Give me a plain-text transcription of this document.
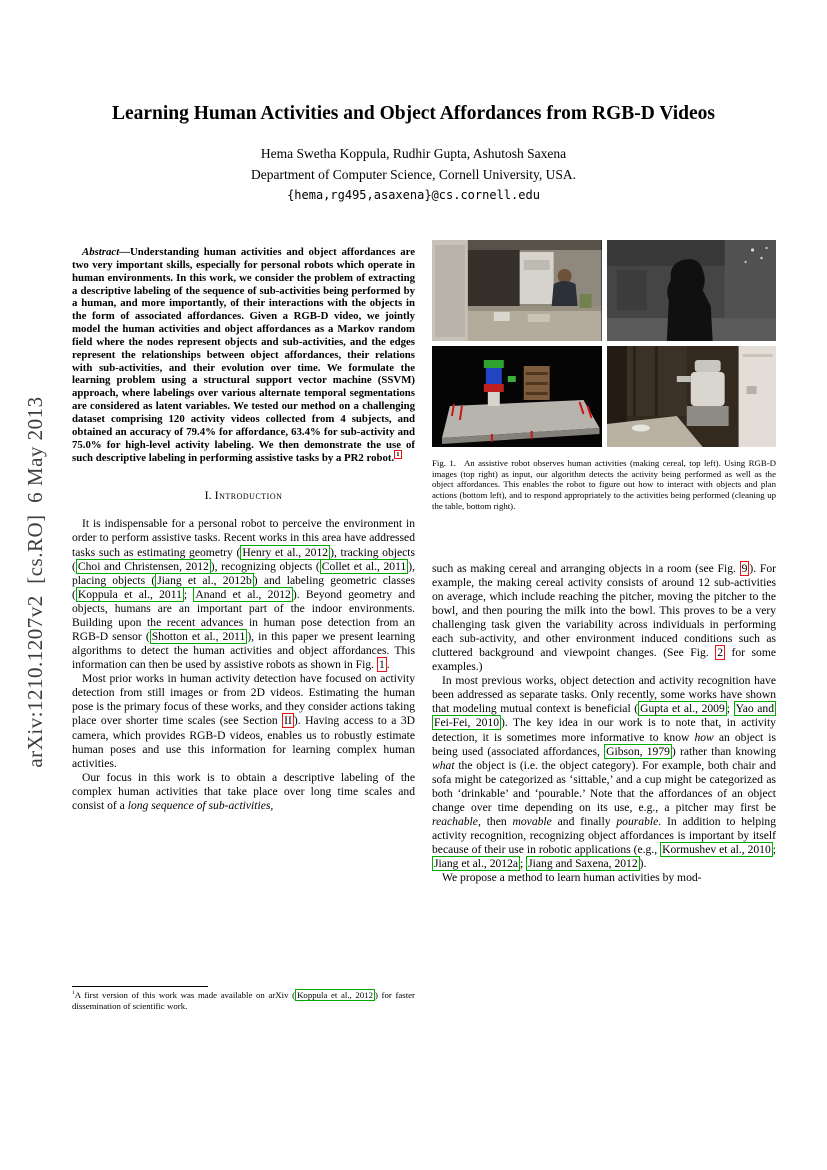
arXiv:1210.1207v2  [cs.RO]  6 May 2013
Learning Human Activities and Object Affordances from RGB-D Videos
Hema Swetha Koppula, Rudhir Gupta, Ashutosh Saxena
Department of Computer Science, Cornell University, USA.
{hema,rg495,asaxena}@cs.cornell.edu

Abstract—Understanding human activities and object affordances are two very important skills, especially for personal robots which operate in human environments. In this work, we consider the problem of extracting a descriptive labeling of the sequence of sub-activities being performed by a human, and more importantly, of their interactions with the objects in the form of associated affordances. Given a RGB-D video, we jointly model the human activities and object affordances as a Markov random field where the nodes represent objects and sub-activities, and the edges represent the relationships between object affordances, their relations with sub-activities, and their evolution over time. We formulate the learning problem using a structural support vector machine (SSVM) approach, where labelings over various alternate temporal segmentations are considered as latent variables. We tested our method on a challenging dataset comprising 120 activity videos collected from 4 subjects, and obtained an accuracy of 79.4% for affordance, 63.4% for sub-activity and 75.0% for high-level activity labeling. We then demonstrate the use of such descriptive labeling in performing assistive tasks by a PR2 robot. $^1$

I. Introduction

It is indispensable for a personal robot to perceive the environment in order to perform assistive tasks. Recent works in this area have addressed tasks such as estimating geometry ( Henry et al., 2012 ), tracking objects ( Choi and Christensen, 2012 ), recognizing objects ( Collet et al., 2011 ), placing objects ( Jiang et al., 2012b ) and labeling geometric classes ( Koppula et al., 2011 ; Anand et al., 2012 ). Beyond geometry and objects, humans are an important part of the indoor environments. Building upon the recent advances in human pose detection from an RGB-D sensor ( Shotton et al., 2011 ), in this paper we present learning algorithms to detect the human activities and object affordances. This information can then be used by assistive robots as shown in Fig. 1 .

Most prior works in human activity detection have focused on activity detection from still images or from 2D videos. Estimating the human pose is the primary focus of these works, and they consider actions taking place over shorter time scales (see Section II ). Having access to a 3D camera, which provides RGB-D videos, enables us to robustly estimate human poses and use this information for learning complex human activities.

Our focus in this work is to obtain a descriptive labeling of the complex human activities that take place over long time scales and consist of a long sequence of sub-activities,

$^1$A first version of this work was made available on arXiv ( Koppula et al., 2012 ) for faster dissemination of scientific work.

Fig. 1. An assistive robot observes human activities (making cereal, top left). Using RGB-D images (top right) as input, our algorithm detects the activity being performed as well as the object affordances. This enables the robot to figure out how to interact with objects and plan actions (bottom left), and to respond appropriately to the activities being performed (cleaning up the table, bottom right).

such as making cereal and arranging objects in a room (see Fig. 9 ). For example, the making cereal activity consists of around 12 sub-activities on average, which include reaching the pitcher, moving the pitcher to the bowl, and then pouring the milk into the bowl. This proves to be a very challenging task given the variability across individuals in performing each sub-activity, and other environment induced conditions such as cluttered background and viewpoint changes. (See Fig. 2 for some examples.)

In most previous works, object detection and activity recognition have been addressed as separate tasks. Only recently, some works have shown that modeling mutual context is beneficial ( Gupta et al., 2009 ; Yao and Fei-Fei, 2010 ). The key idea in our work is to note that, in activity detection, it is sometimes more informative to know how an object is being used (associated affordances, Gibson, 1979 ) rather than knowing what the object is (i.e. the object category). For example, both chair and sofa might be categorized as ‘sittable,’ and a cup might be categorized as both ‘drinkable’ and ‘pourable.’ Note that the affordances of an object change over time depending on its use, e.g., a pitcher may first be reachable, then movable and finally pourable. In addition to helping activity recognition, recognizing object affordances is important by itself because of their use in robotic applications (e.g., Kormushev et al., 2010 ; Jiang et al., 2012a ; Jiang and Saxena, 2012 ).

We propose a method to learn human activities by mod-
